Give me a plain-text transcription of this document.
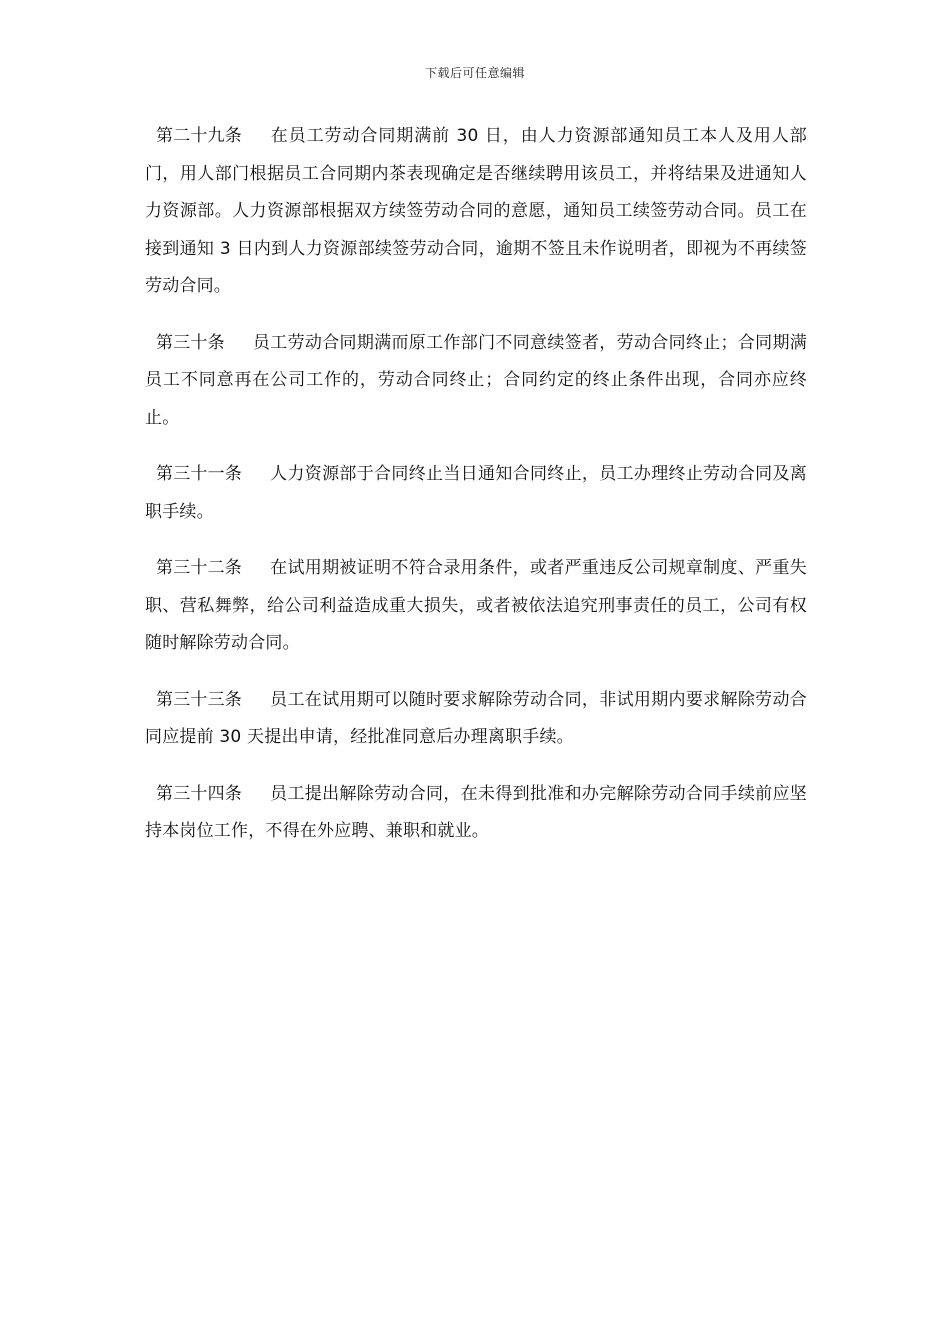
下载后可任意编辑

第二十九条 在员工劳动合同期满前 30 日，由人力资源部通知员工本人及用人部门，用人部门根据员工合同期内茶表现确定是否继续聘用该员工，并将结果及进通知人力资源部。人力资源部根据双方续签劳动合同的意愿，通知员工续签劳动合同。员工在接到通知 3 日内到人力资源部续签劳动合同，逾期不签且未作说明者，即视为不再续签劳动合同。

第三十条 员工劳动合同期满而原工作部门不同意续签者，劳动合同终止；合同期满员工不同意再在公司工作的，劳动合同终止；合同约定的终止条件出现，合同亦应终止。

第三十一条 人力资源部于合同终止当日通知合同终止，员工办理终止劳动合同及离职手续。

第三十二条 在试用期被证明不符合录用条件，或者严重违反公司规章制度、严重失职、营私舞弊，给公司利益造成重大损失，或者被依法追究刑事责任的员工，公司有权随时解除劳动合同。

第三十三条 员工在试用期可以随时要求解除劳动合同，非试用期内要求解除劳动合同应提前 30 天提出申请，经批准同意后办理离职手续。

第三十四条 员工提出解除劳动合同，在未得到批准和办完解除劳动合同手续前应坚持本岗位工作，不得在外应聘、兼职和就业。
